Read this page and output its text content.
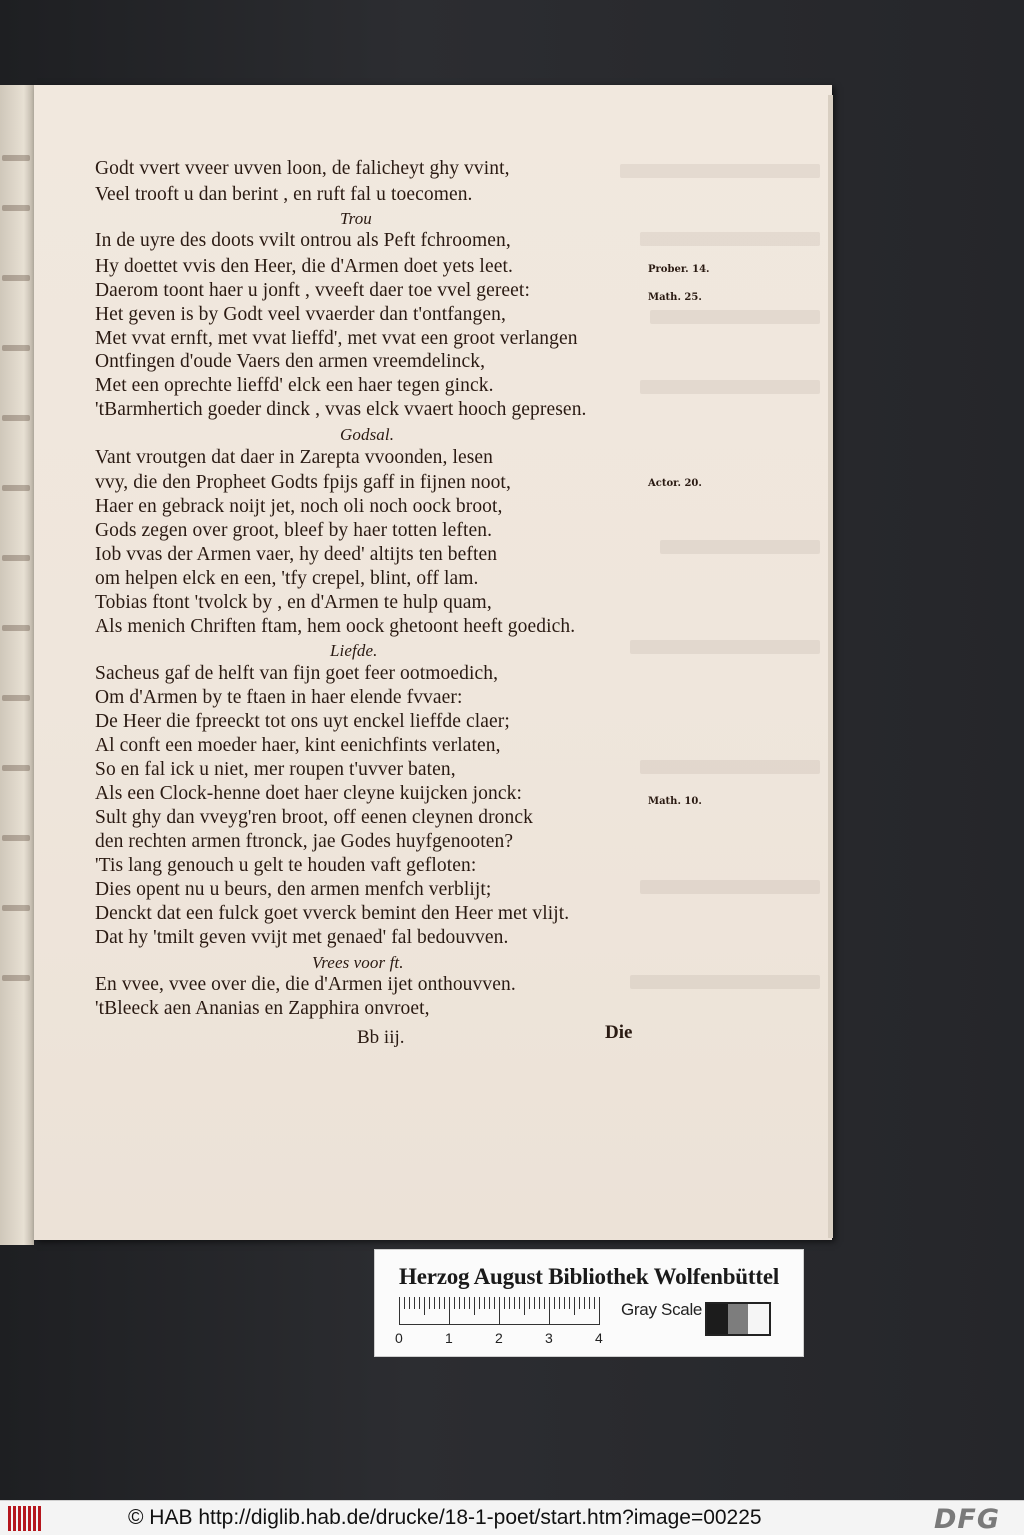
Godt vvert vveer uvven loon, de falicheyt ghy vvint,
Veel trooft u dan berint , en ruft fal u toecomen.
Trou
In de uyre des doots vvilt ontrou als Peft fchroomen,
Hy doettet vvis den Heer, die d'Armen doet yets leet.
Daerom toont haer u jonft , vveeft daer toe vvel gereet:
Het geven is by Godt veel vvaerder dan t'ontfangen,
Met vvat ernft, met vvat lieffd', met vvat een groot verlangen
Ontfingen d'oude Vaers den armen vreemdelinck,
Met een oprechte lieffd' elck een haer tegen ginck.
'tBarmhertich goeder dinck , vvas elck vvaert hooch gepresen.
Godsal.
Vant vroutgen dat daer in Zarepta vvoonden, lesen
vvy, die den Propheet Godts fpijs gaff in fijnen noot,
Haer en gebrack noijt jet, noch oli noch oock broot,
Gods zegen over groot, bleef by haer totten leften.
Iob vvas der Armen vaer, hy deed' altijts ten beften
om helpen elck en een, 'tfy crepel, blint, off lam.
Tobias ftont 'tvolck by , en d'Armen te hulp quam,
Als menich Chriften ftam, hem oock ghetoont heeft goedich.
Liefde.
Sacheus gaf de helft van fijn goet feer ootmoedich,
Om d'Armen by te ftaen in haer elende fvvaer:
De Heer die fpreeckt tot ons uyt enckel lieffde claer;
Al conft een moeder haer, kint eenichfints verlaten,
So en fal ick u niet, mer roupen t'uvver baten,
Als een Clock-henne doet haer cleyne kuijcken jonck:
Sult ghy dan vveyg'ren broot, off eenen cleynen dronck
den rechten armen ftronck, jae Godes huyfgenooten?
'Tis lang genouch u gelt te houden vaft gefloten:
Dies opent nu u beurs, den armen menfch verblijt;
Denckt dat een fulck goet vverck bemint den Heer met vlijt.
Dat hy 'tmilt geven vvijt met genaed' fal bedouvven.
Vrees voor ft.
En vvee, vvee over die, die d'Armen ijet onthouvven.
'tBleeck aen Ananias en Zapphira onvroet,
Prober. 14.
Math. 25.
Actor. 20.
Math. 10.
Bb iij.	Die
Herzog August Bibliothek Wolfenbüttel
0	1	2	3	4
Gray Scale
© HAB http://diglib.hab.de/drucke/18-1-poet/start.htm?image=00225	DFG
